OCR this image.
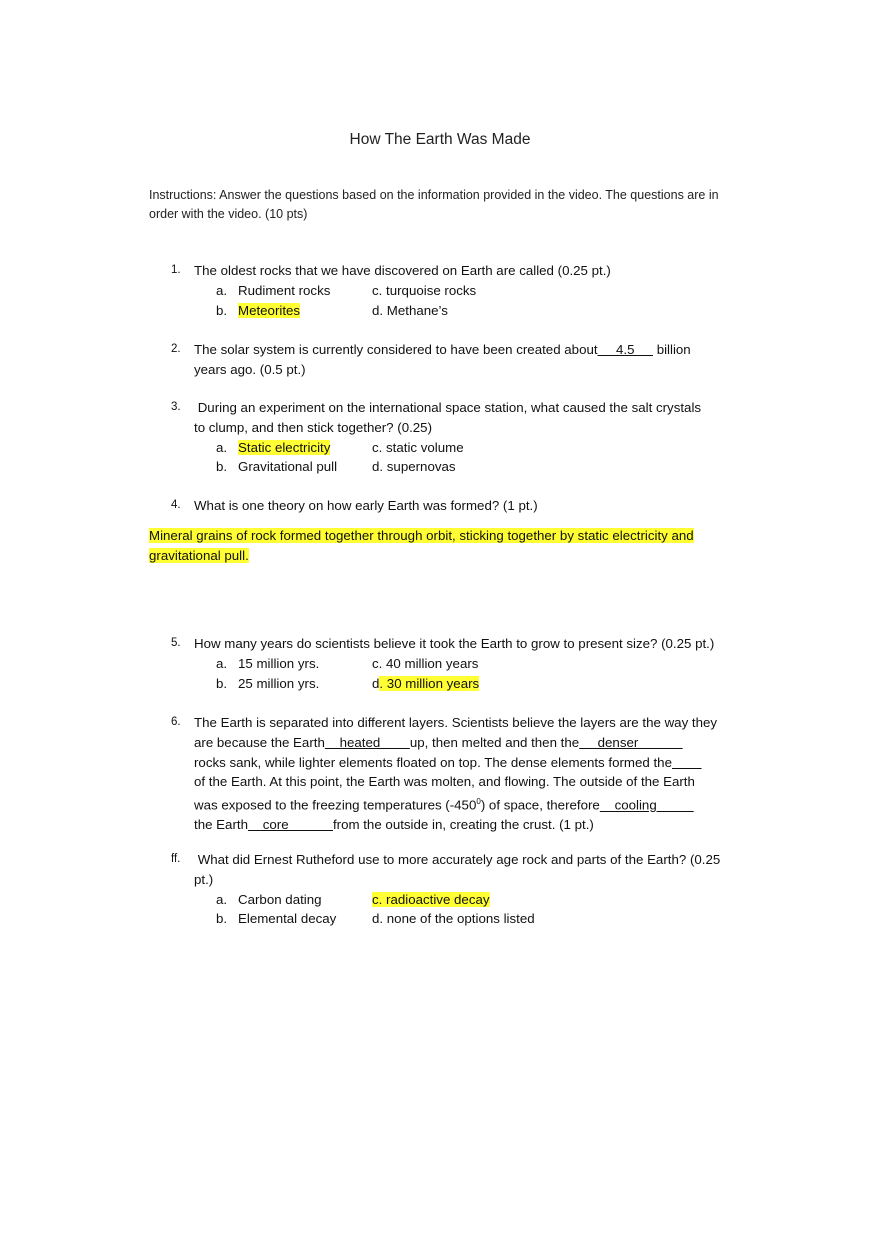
How The Earth Was Made
Instructions: Answer the questions based on the information provided in the video. The questions are in order with the video. (10 pts)
1. The oldest rocks that we have discovered on Earth are called (0.25 pt.)
a. Rudiment rocks	c. turquoise rocks
b. Meteorites	d. Methane’s
2. The solar system is currently considered to have been created about     4.5      billion
years ago. (0.5 pt.)
3. During an experiment on the international space station, what caused the salt crystals
to clump, and then stick together? (0.25)
a. Static electricity	c. static volume
b. Gravitational pull	d. supernovas
4. What is one theory on how early Earth was formed? (1 pt.)
Mineral grains of rock formed together through orbit, sticking together by static electricity and
gravitational pull.
5. How many years do scientists believe it took the Earth to grow to present size? (0.25 pt.)
a. 15 million yrs.	c. 40 million years
b. 25 million yrs.	d. 30 million years
6. The Earth is separated into different layers. Scientists believe the layers are the way they
are because the Earth    heated        up, then melted and then the     denser
rocks sank, while lighter elements floated on top. The dense elements formed the
of the Earth. At this point, the Earth was molten, and flowing. The outside of the Earth
was exposed to the freezing temperatures $(-450^0)$ of space, therefore    cooling
the Earth    core            from the outside in, creating the crust. (1 pt.)
ff. What did Ernest Rutheford use to more accurately age rock and parts of the Earth? (0.25
pt.)
a. Carbon dating	c. radioactive decay
b. Elemental decay	d. none of the options listed
